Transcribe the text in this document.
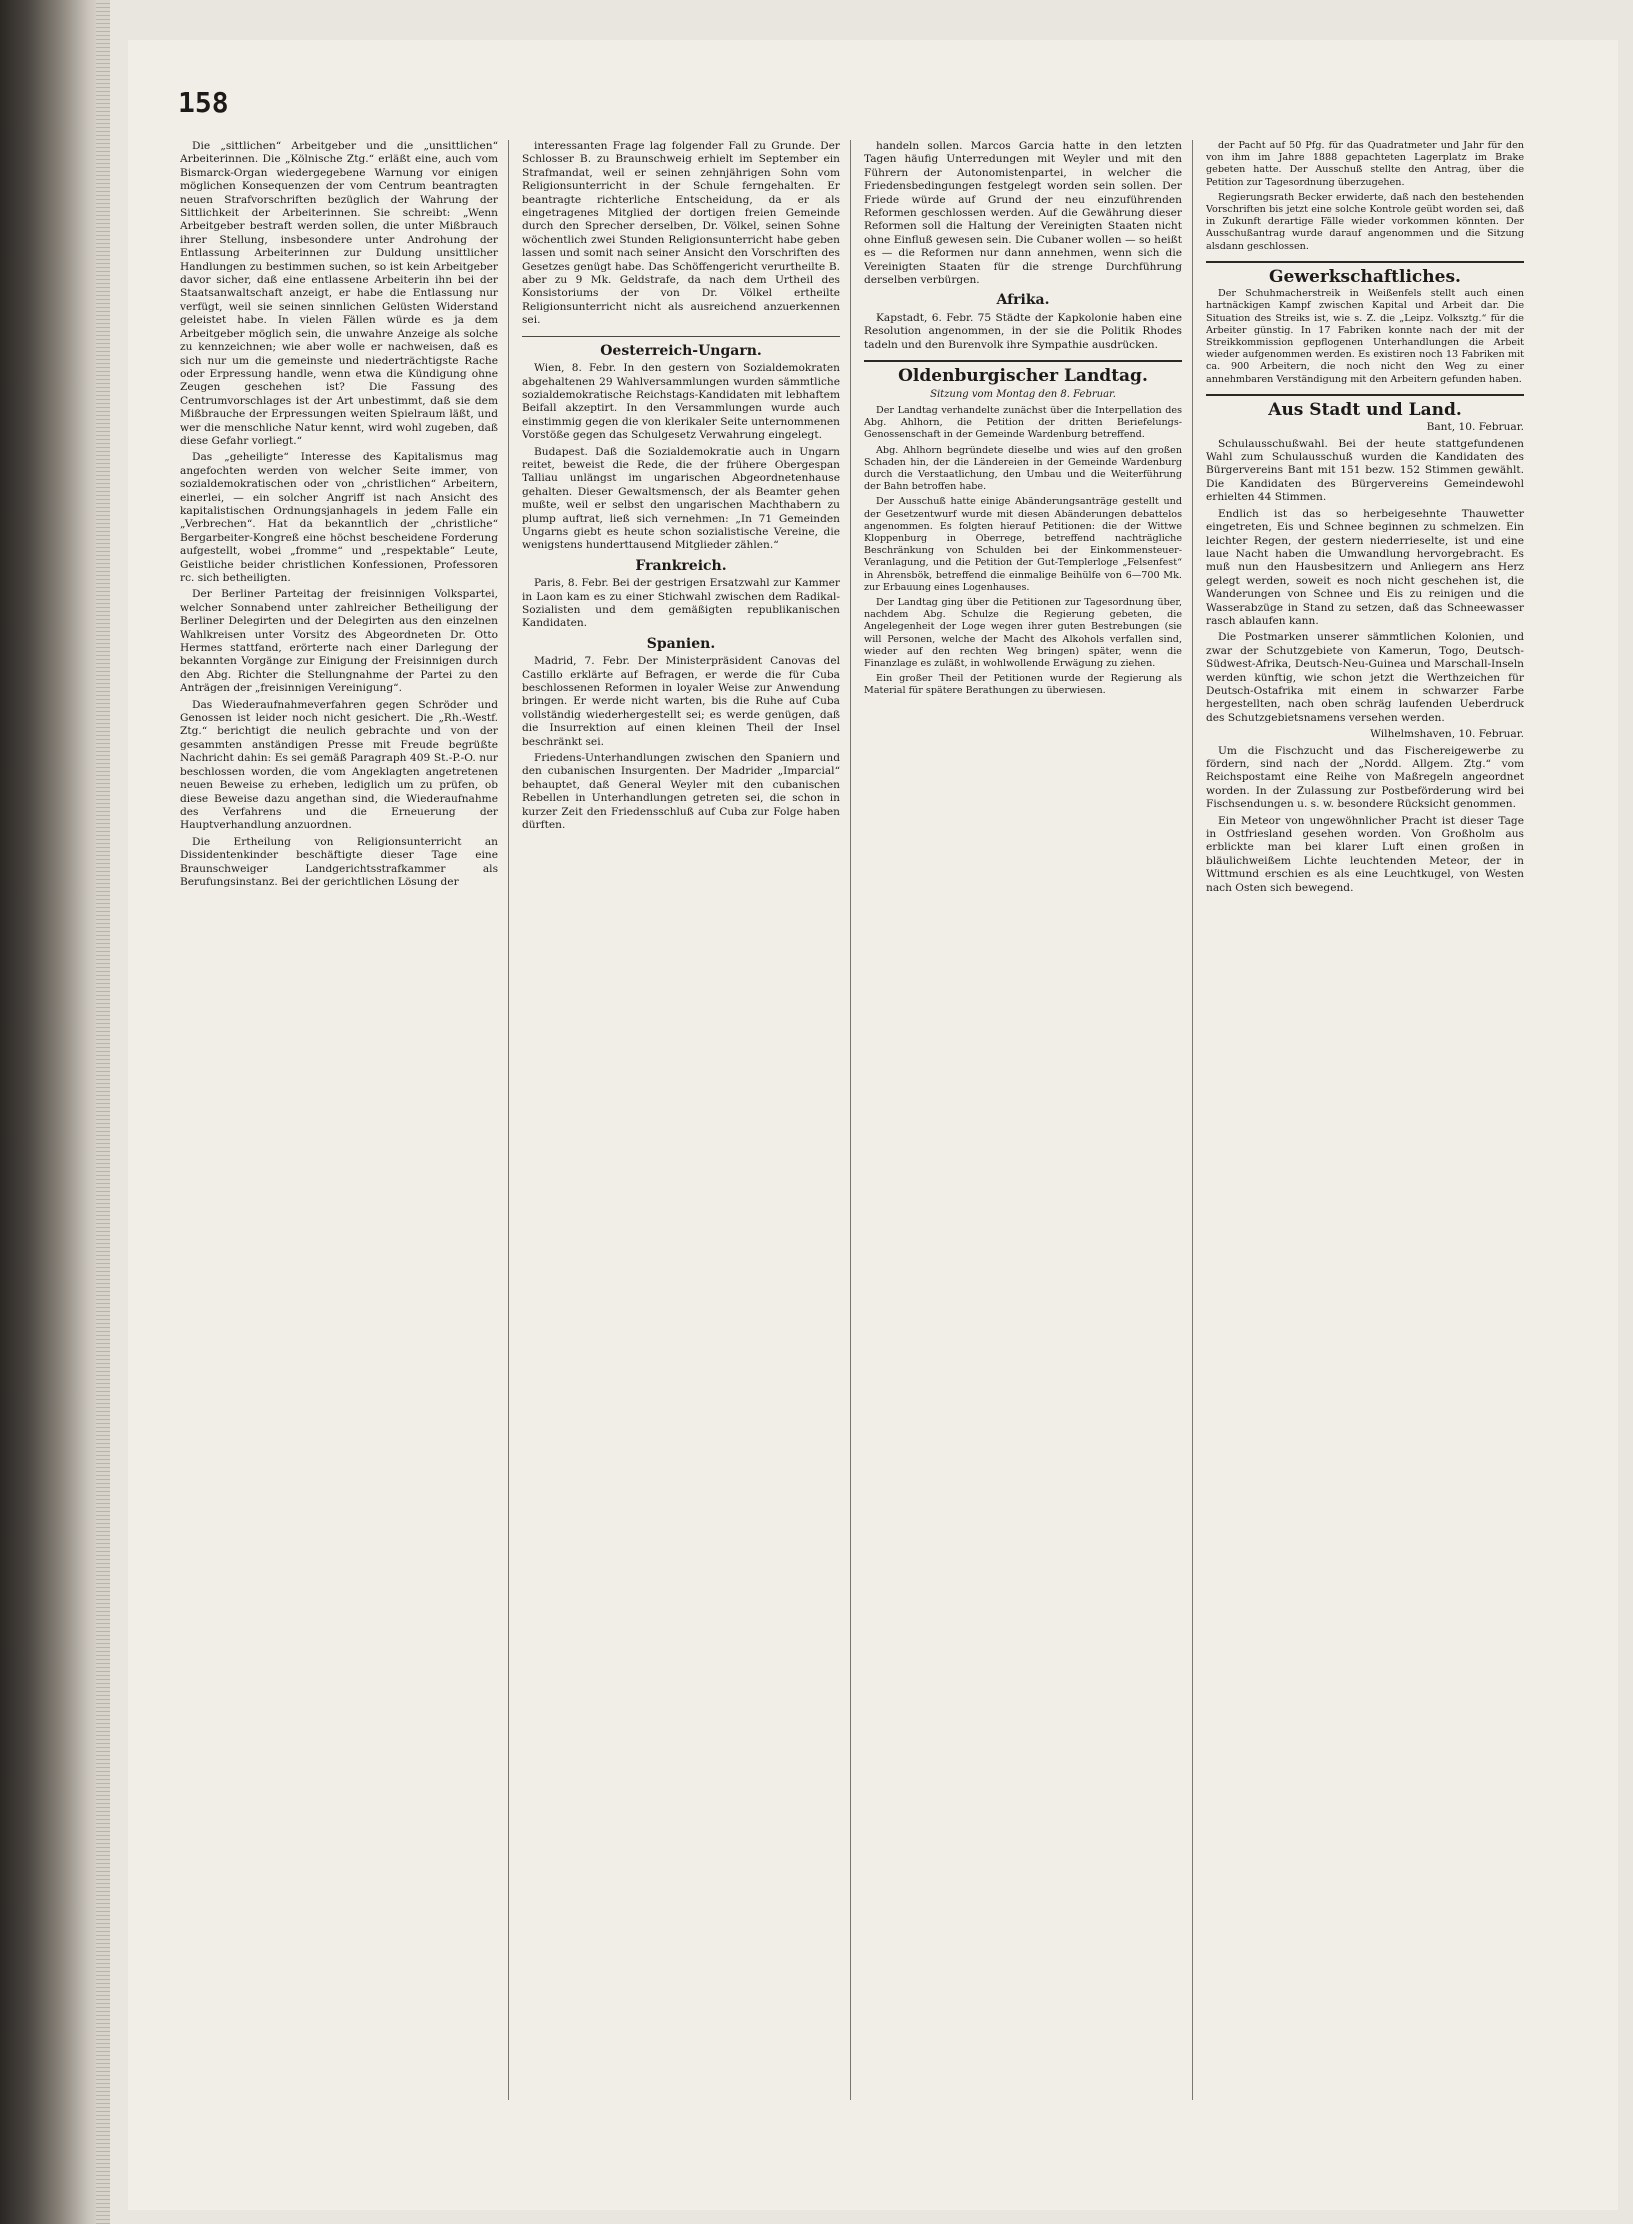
158

Die „sittlichen“ Arbeitgeber und die „unsittlichen“ Arbeiterinnen. Die „Kölnische Ztg.“ erläßt eine, auch vom Bismarck-Organ wiedergegebene Warnung vor einigen möglichen Konsequenzen der vom Centrum beantragten neuen Strafvorschriften bezüglich der Wahrung der Sittlichkeit der Arbeiterinnen. Sie schreibt: „Wenn Arbeitgeber bestraft werden sollen, die unter Mißbrauch ihrer Stellung, insbesondere unter Androhung der Entlassung Arbeiterinnen zur Duldung unsittlicher Handlungen zu bestimmen suchen, so ist kein Arbeitgeber davor sicher, daß eine entlassene Arbeiterin ihn bei der Staatsanwaltschaft anzeigt, er habe die Entlassung nur verfügt, weil sie seinen sinnlichen Gelüsten Widerstand geleistet habe. In vielen Fällen würde es ja dem Arbeitgeber möglich sein, die unwahre Anzeige als solche zu kennzeichnen; wie aber wolle er nachweisen, daß es sich nur um die gemeinste und niederträchtigste Rache oder Erpressung handle, wenn etwa die Kündigung ohne Zeugen geschehen ist? Die Fassung des Centrumvorschlages ist der Art unbestimmt, daß sie dem Mißbrauche der Erpressungen weiten Spielraum läßt, und wer die menschliche Natur kennt, wird wohl zugeben, daß diese Gefahr vorliegt.“

Das „geheiligte“ Interesse des Kapitalismus mag angefochten werden von welcher Seite immer, von sozialdemokratischen oder von „christlichen“ Arbeitern, einerlei, — ein solcher Angriff ist nach Ansicht des kapitalistischen Ordnungsjanhagels in jedem Falle ein „Verbrechen“. Hat da bekanntlich der „christliche“ Bergarbeiter-Kongreß eine höchst bescheidene Forderung aufgestellt, wobei „fromme“ und „respektable“ Leute, Geistliche beider christlichen Konfessionen, Professoren rc. sich betheiligten.

Der Berliner Parteitag der freisinnigen Volkspartei, welcher Sonnabend unter zahlreicher Betheiligung der Berliner Delegirten und der Delegirten aus den einzelnen Wahlkreisen unter Vorsitz des Abgeordneten Dr. Otto Hermes stattfand, erörterte nach einer Darlegung der bekannten Vorgänge zur Einigung der Freisinnigen durch den Abg. Richter die Stellungnahme der Partei zu den Anträgen der „freisinnigen Vereinigung“.

Das Wiederaufnahmeverfahren gegen Schröder und Genossen ist leider noch nicht gesichert. Die „Rh.-Westf. Ztg.“ berichtigt die neulich gebrachte und von der gesammten anständigen Presse mit Freude begrüßte Nachricht dahin: Es sei gemäß Paragraph 409 St.-P.-O. nur beschlossen worden, die vom Angeklagten angetretenen neuen Beweise zu erheben, lediglich um zu prüfen, ob diese Beweise dazu angethan sind, die Wiederaufnahme des Verfahrens und die Erneuerung der Hauptverhandlung anzuordnen.

Die Ertheilung von Religionsunterricht an Dissidentenkinder beschäftigte dieser Tage eine Braunschweiger Landgerichtsstrafkammer als Berufungsinstanz. Bei der gerichtlichen Lösung der

interessanten Frage lag folgender Fall zu Grunde. Der Schlosser B. zu Braunschweig erhielt im September ein Strafmandat, weil er seinen zehnjährigen Sohn vom Religionsunterricht in der Schule ferngehalten. Er beantragte richterliche Entscheidung, da er als eingetragenes Mitglied der dortigen freien Gemeinde durch den Sprecher derselben, Dr. Völkel, seinen Sohne wöchentlich zwei Stunden Religionsunterricht habe geben lassen und somit nach seiner Ansicht den Vorschriften des Gesetzes genügt habe. Das Schöffengericht verurtheilte B. aber zu 9 Mk. Geldstrafe, da nach dem Urtheil des Konsistoriums der von Dr. Völkel ertheilte Religionsunterricht nicht als ausreichend anzuerkennen sei.

Oesterreich-Ungarn.

Wien, 8. Febr. In den gestern von Sozialdemokraten abgehaltenen 29 Wahlversammlungen wurden sämmtliche sozialdemokratische Reichstags-Kandidaten mit lebhaftem Beifall akzeptirt. In den Versammlungen wurde auch einstimmig gegen die von klerikaler Seite unternommenen Vorstöße gegen das Schulgesetz Verwahrung eingelegt.

Budapest. Daß die Sozialdemokratie auch in Ungarn reitet, beweist die Rede, die der frühere Obergespan Talliau unlängst im ungarischen Abgeordnetenhause gehalten. Dieser Gewaltsmensch, der als Beamter gehen mußte, weil er selbst den ungarischen Machthabern zu plump auftrat, ließ sich vernehmen: „In 71 Gemeinden Ungarns giebt es heute schon sozialistische Vereine, die wenigstens hunderttausend Mitglieder zählen.“

Frankreich.

Paris, 8. Febr. Bei der gestrigen Ersatzwahl zur Kammer in Laon kam es zu einer Stichwahl zwischen dem Radikal-Sozialisten und dem gemäßigten republikanischen Kandidaten.

Spanien.

Madrid, 7. Febr. Der Ministerpräsident Canovas del Castillo erklärte auf Befragen, er werde die für Cuba beschlossenen Reformen in loyaler Weise zur Anwendung bringen. Er werde nicht warten, bis die Ruhe auf Cuba vollständig wiederhergestellt sei; es werde genügen, daß die Insurrektion auf einen kleinen Theil der Insel beschränkt sei.

Friedens-Unterhandlungen zwischen den Spaniern und den cubanischen Insurgenten. Der Madrider „Imparcial“ behauptet, daß General Weyler mit den cubanischen Rebellen in Unterhandlungen getreten sei, die schon in kurzer Zeit den Friedensschluß auf Cuba zur Folge haben dürften.

handeln sollen. Marcos Garcia hatte in den letzten Tagen häufig Unterredungen mit Weyler und mit den Führern der Autonomistenpartei, in welcher die Friedensbedingungen festgelegt worden sein sollen. Der Friede würde auf Grund der neu einzuführenden Reformen geschlossen werden. Auf die Gewährung dieser Reformen soll die Haltung der Vereinigten Staaten nicht ohne Einfluß gewesen sein. Die Cubaner wollen — so heißt es — die Reformen nur dann annehmen, wenn sich die Vereinigten Staaten für die strenge Durchführung derselben verbürgen.

Afrika.

Kapstadt, 6. Febr. 75 Städte der Kapkolonie haben eine Resolution angenommen, in der sie die Politik Rhodes tadeln und den Burenvolk ihre Sympathie ausdrücken.

Oldenburgischer Landtag.
Sitzung vom Montag den 8. Februar.

Der Landtag verhandelte zunächst über die Interpellation des Abg. Ahlhorn, die Petition der dritten Beriefelungs-Genossenschaft in der Gemeinde Wardenburg betreffend.

Abg. Ahlhorn begründete dieselbe und wies auf den großen Schaden hin, der die Ländereien in der Gemeinde Wardenburg durch die Verstaatlichung, den Umbau und die Weiterführung der Bahn betroffen habe.

Der Ausschuß hatte einige Abänderungsanträge gestellt und der Gesetzentwurf wurde mit diesen Abänderungen debattelos angenommen. Es folgten hierauf Petitionen: die der Wittwe Kloppenburg in Oberrege, betreffend nachträgliche Beschränkung von Schulden bei der Einkommensteuer-Veranlagung, und die Petition der Gut-Templerloge „Felsenfest“ in Ahrensbök, betreffend die einmalige Beihülfe von 6—700 Mk. zur Erbauung eines Logenhauses.

Der Landtag ging über die Petitionen zur Tagesordnung über, nachdem Abg. Schulze die Regierung gebeten, die Angelegenheit der Loge wegen ihrer guten Bestrebungen (sie will Personen, welche der Macht des Alkohols verfallen sind, wieder auf den rechten Weg bringen) später, wenn die Finanzlage es zuläßt, in wohlwollende Erwägung zu ziehen.

Ein großer Theil der Petitionen wurde der Regierung als Material für spätere Berathungen zu überwiesen.

der Pacht auf 50 Pfg. für das Quadratmeter und Jahr für den von ihm im Jahre 1888 gepachteten Lagerplatz im Brake gebeten hatte. Der Ausschuß stellte den Antrag, über die Petition zur Tagesordnung überzugehen.

Regierungsrath Becker erwiderte, daß nach den bestehenden Vorschriften bis jetzt eine solche Kontrole geübt worden sei, daß in Zukunft derartige Fälle wieder vorkommen könnten. Der Ausschußantrag wurde darauf angenommen und die Sitzung alsdann geschlossen.

Gewerkschaftliches.

Der Schuhmacherstreik in Weißenfels stellt auch einen hartnäckigen Kampf zwischen Kapital und Arbeit dar. Die Situation des Streiks ist, wie s. Z. die „Leipz. Volksztg.“ für die Arbeiter günstig. In 17 Fabriken konnte nach der mit der Streikkommission gepflogenen Unterhandlungen die Arbeit wieder aufgenommen werden. Es existiren noch 13 Fabriken mit ca. 900 Arbeitern, die noch nicht den Weg zu einer annehmbaren Verständigung mit den Arbeitern gefunden haben.

Aus Stadt und Land.

Bant, 10. Februar.

Schulausschußwahl. Bei der heute stattgefundenen Wahl zum Schulausschuß wurden die Kandidaten des Bürgervereins Bant mit 151 bezw. 152 Stimmen gewählt. Die Kandidaten des Bürgervereins Gemeindewohl erhielten 44 Stimmen.

Endlich ist das so herbeigesehnte Thauwetter eingetreten, Eis und Schnee beginnen zu schmelzen. Ein leichter Regen, der gestern niederrieselte, ist und eine laue Nacht haben die Umwandlung hervorgebracht. Es muß nun den Hausbesitzern und Anliegern ans Herz gelegt werden, soweit es noch nicht geschehen ist, die Wanderungen von Schnee und Eis zu reinigen und die Wasserabzüge in Stand zu setzen, daß das Schneewasser rasch ablaufen kann.

Die Postmarken unserer sämmtlichen Kolonien, und zwar der Schutzgebiete von Kamerun, Togo, Deutsch-Südwest-Afrika, Deutsch-Neu-Guinea und Marschall-Inseln werden künftig, wie schon jetzt die Werthzeichen für Deutsch-Ostafrika mit einem in schwarzer Farbe hergestellten, nach oben schräg laufenden Ueberdruck des Schutzgebietsnamens versehen werden.

Wilhelmshaven, 10. Februar.

Um die Fischzucht und das Fischereigewerbe zu fördern, sind nach der „Nordd. Allgem. Ztg.“ vom Reichspostamt eine Reihe von Maßregeln angeordnet worden. In der Zulassung zur Postbeförderung wird bei Fischsendungen u. s. w. besondere Rücksicht genommen.

Ein Meteor von ungewöhnlicher Pracht ist dieser Tage in Ostfriesland gesehen worden. Von Großholm aus erblickte man bei klarer Luft einen großen in bläulichweißem Lichte leuchtenden Meteor, der in Wittmund erschien es als eine Leuchtkugel, von Westen nach Osten sich bewegend.
